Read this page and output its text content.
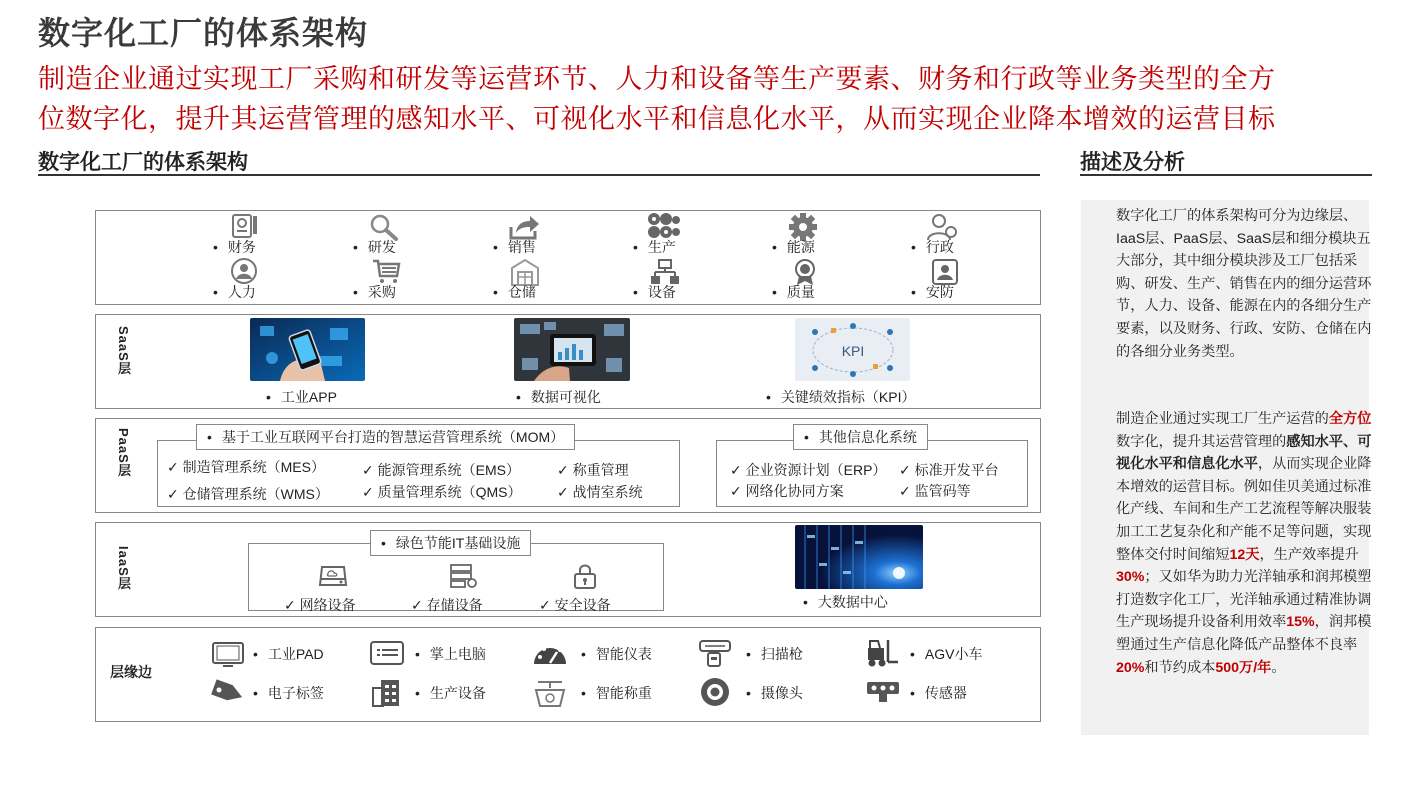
数字化工厂的体系架构
制造企业通过实现工厂采购和研发等运营环节、人力和设备等生产要素、财务和行政等业务类型的全方
位数字化，提升其运营管理的感知水平、可视化水平和信息化水平，从而实现企业降本增效的运营目标
数字化工厂的体系架构	描述及分析
• 财务	• 研发	• 销售	• 生产	• 能源	• 行政
• 人力	• 采购	• 仓储	• 设备	• 质量	• 安防
SaaS层	KPI
• 工业APP	• 数据可视化	• 关键绩效指标（KPI）
PaaS层	• 基于工业互联网平台打造的智慧运营管理系统（MOM）
✓ 制造管理系统（MES）	✓ 能源管理系统（EMS）	✓ 称重管理
✓ 仓储管理系统（WMS） ✓ 质量管理系统（QMS）	✓ 战情室系统
• 其他信息化系统
✓ 企业资源计划（ERP） ✓ 标准开发平台
✓ 网络化协同方案	✓ 监管码等
IaaS层
• 绿色节能IT基础设施
✓ 网络设备	✓ 存储设备	✓ 安全设备	• 大数据中心
层缘边
• 工业PAD	• 掌上电脑	• 智能仪表	• 扫描枪	• AGV小车
• 电子标签	• 生产设备	• 智能称重	• 摄像头	• 传感器
数字化工厂的体系架构可分为边缘层、IaaS层、PaaS层、SaaS层和细分模块五大部分，其中细分模块涉及工厂包括采购、研发、生产、销售在内的细分运营环节，人力、设备、能源在内的各细分生产要素，以及财务、行政、安防、仓储在内的各细分业务类型。
制造企业通过实现工厂生产运营的全方位数字化，提升其运营管理的感知水平、可视化水平和信息化水平，从而实现企业降本增效的运营目标。例如佳贝美通过标准化产线、车间和生产工艺流程等解决服装加工工艺复杂化和产能不足等问题，实现整体交付时间缩短12天，生产效率提升30%；又如华为助力光洋轴承和润邦模塑打造数字化工厂，光洋轴承通过精准协调生产现场提升设备利用效率15%，润邦模塑通过生产信息化降低产品整体不良率20%和节约成本500万/年。
